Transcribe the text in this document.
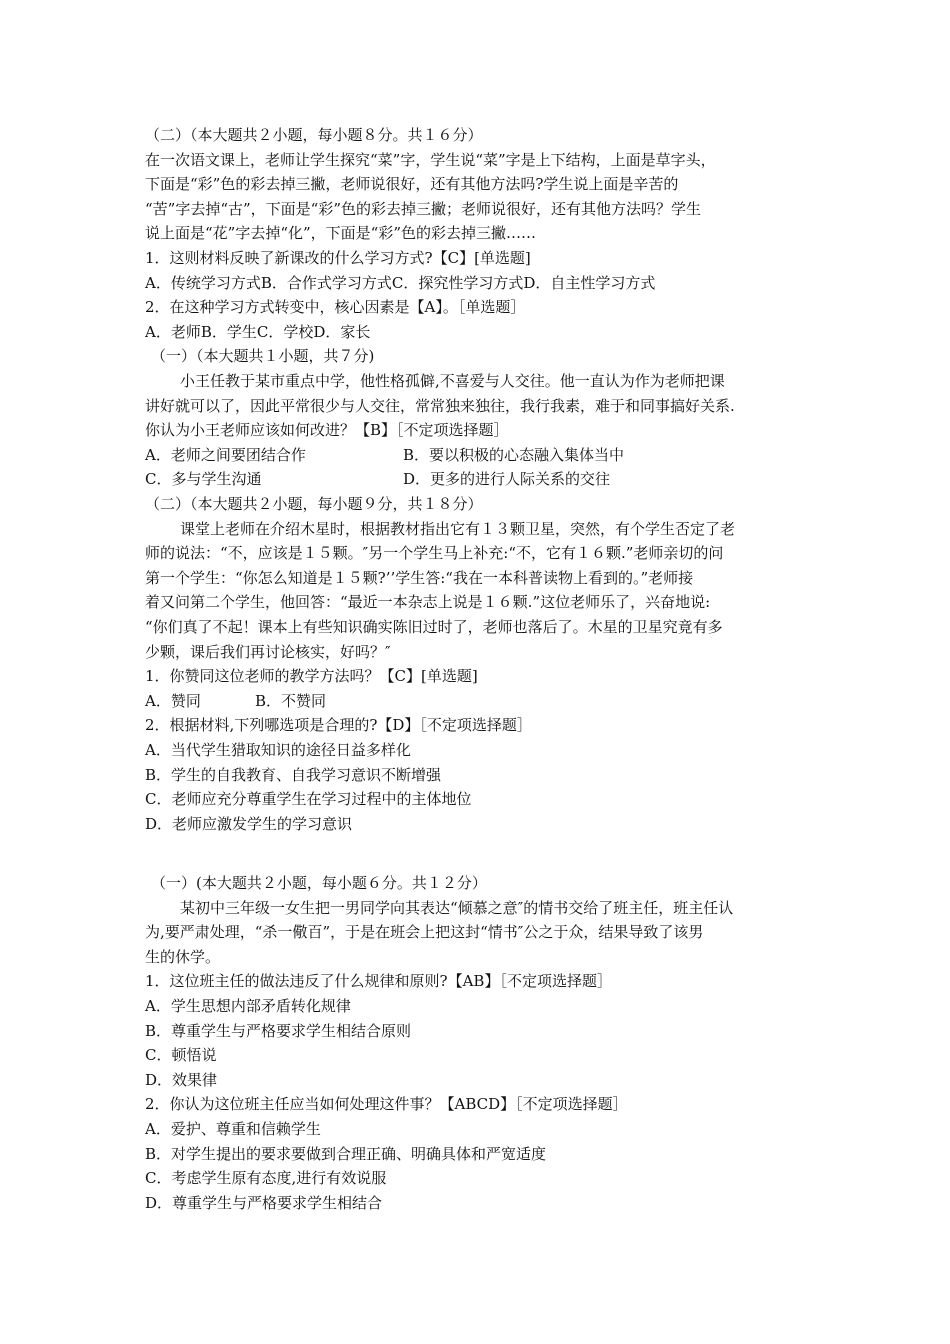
（二）（本大题共２小题，每小题８分。共１６分）
在一次语文课上，老师让学生探究“菜”字，学生说“菜”字是上下结构，上面是草字头，
下面是“彩”色的彩去掉三撇，老师说很好，还有其他方法吗?学生说上面是辛苦的
“苦”字去掉“古”，下面是“彩”色的彩去掉三撇；老师说很好，还有其他方法吗？学生
说上面是“花”字去掉“化”，下面是“彩”色的彩去掉三撇……
1．这则材料反映了新课改的什么学习方式?【C】[单选题]
A．传统学习方式B．合作式学习方式C．探究性学习方式D．自主性学习方式
2．在这种学习方式转变中，核心因素是【A】。［单选题］
A．老师B．学生C．学校D．家长
（一）（本大题共１小题，共７分)
小王任教于某市重点中学，他性格孤僻,不喜爱与人交往。他一直认为作为老师把课
讲好就可以了，因此平常很少与人交往，常常独来独往，我行我素，难于和同事搞好关系.
你认为小王老师应该如何改进？【B】［不定项选择题］
A．老师之间要团结合作	B．要以积极的心态融入集体当中
C．多与学生沟通	D．更多的进行人际关系的交往
（二）（本大题共２小题，每小题９分，共１８分）
课堂上老师在介绍木星时，根据教材指出它有１３颗卫星，突然，有个学生否定了老
师的说法：“不，应该是１５颗。″另一个学生马上补充:“不，它有１６颗.”老师亲切的问
第一个学生：“你怎么知道是１５颗?’’学生答:“我在一本科普读物上看到的。”老师接
着又问第二个学生，他回答：“最近一本杂志上说是１６颗.”这位老师乐了，兴奋地说:
“你们真了不起！课本上有些知识确实陈旧过时了，老师也落后了。木星的卫星究竟有多
少颗，课后我们再讨论核实，好吗？″
1．你赞同这位老师的教学方法吗？【C】[单选题]
A．赞同	B．不赞同
2．根据材料,下列哪选项是合理的?【D】［不定项选择题］
A．当代学生猎取知识的途径日益多样化
B．学生的自我教育、自我学习意识不断增强
C．老师应充分尊重学生在学习过程中的主体地位
D．老师应激发学生的学习意识
（一）(本大题共２小题，每小题６分。共１２分）
某初中三年级一女生把一男同学向其表达“倾慕之意″的情书交给了班主任，班主任认
为,要严肃处理，“杀一儆百”，于是在班会上把这封“情书″公之于众，结果导致了该男
生的休学。
1．这位班主任的做法违反了什么规律和原则?【AB】［不定项选择题］
A．学生思想内部矛盾转化规律
B．尊重学生与严格要求学生相结合原则
C．顿悟说
D．效果律
2．你认为这位班主任应当如何处理这件事？【ABCD】［不定项选择题］
A．爱护、尊重和信赖学生
B．对学生提出的要求要做到合理正确、明确具体和严宽适度
C．考虑学生原有态度,进行有效说服
D．尊重学生与严格要求学生相结合
